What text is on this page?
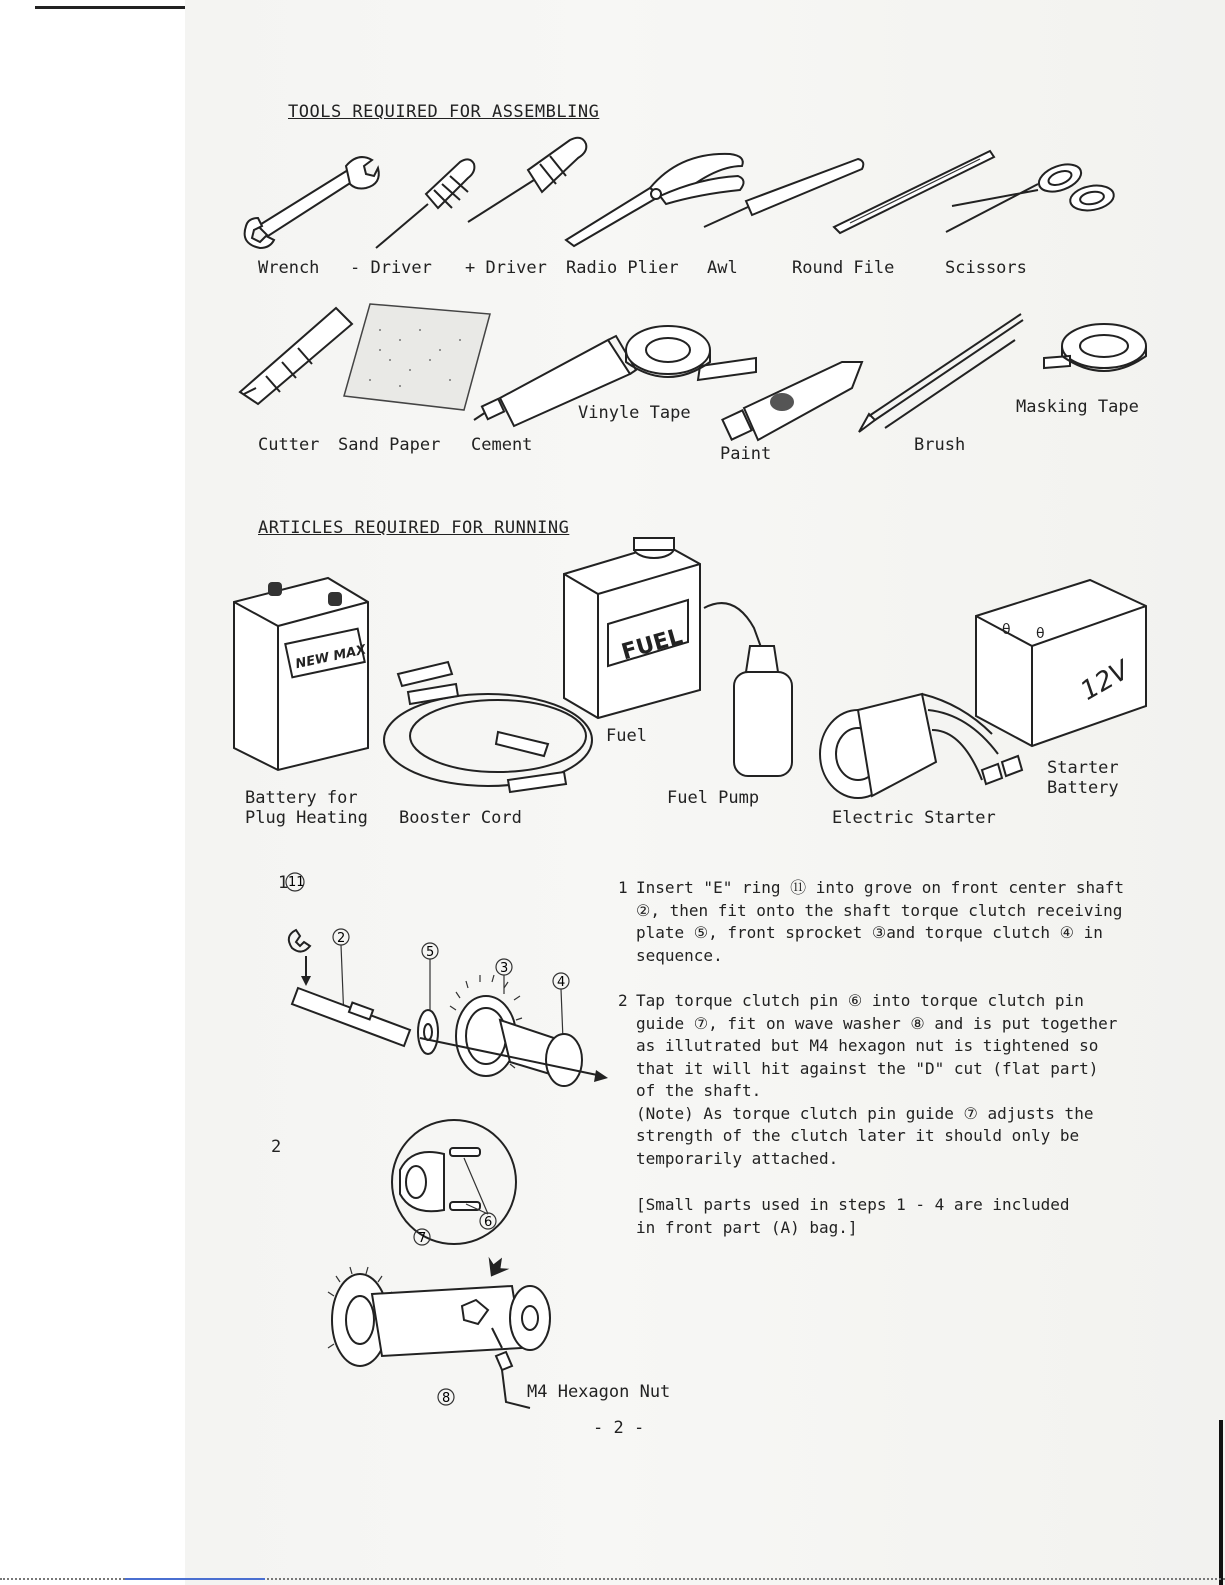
TOOLS REQUIRED FOR ASSEMBLING
ARTICLES REQUIRED FOR RUNNING
Wrench - Driver + Driver Radio Plier Awl	Round File	Scissors
Cutter Sand Paper Cement
Vinyle Tape
Paint	Brush
Masking Tape
NEW MAX	FUEL	θ θ
12V
Battery for
Plug Heating Booster Cord
Fuel
Fuel Pump
Electric Starter
Starter
Battery
1
2
11
2
5
3
4
7
6
8	M4 Hexagon Nut
1 Insert "E" ring ⑪ into grove on front center shaft

②, then fit onto the shaft torque clutch receiving

plate ⑤, front sprocket ③and torque clutch ④ in

sequence.

2 Tap torque clutch pin ⑥ into torque clutch pin

guide ⑦, fit on wave washer ⑧ and is put together

as illutrated but M4 hexagon nut is tightened so

that it will hit against the "D" cut (flat part)

of the shaft.

(Note) As torque clutch pin guide ⑦ adjusts the

strength of the clutch later it should only be

temporarily attached.

[Small parts used in steps 1 - 4 are included

in front part (A) bag.]

- 2 -
